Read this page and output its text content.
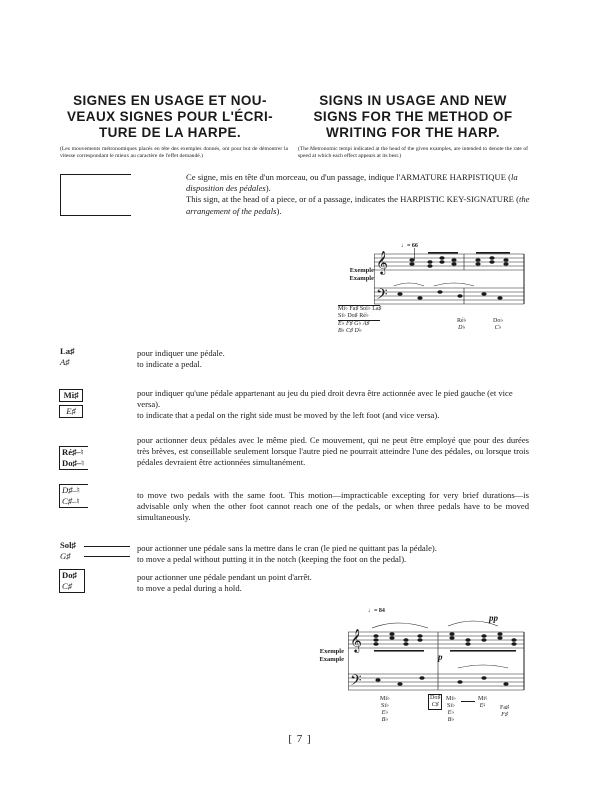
SIGNES EN USAGE ET NOU-
VEAUX SIGNES POUR L'ÉCRI-
TURE DE LA HARPE.
SIGNS IN USAGE AND NEW
SIGNS FOR THE METHOD OF
WRITING FOR THE HARP.
(Les mouvements métronomiques placés en tête des exemples donnés, ont pour but de démontrer la vitesse correspondant le mieux au caractère de l'effet demandé.)
(The Metronomic tempi indicated at the head of the given examples, are intended to denote the rate of speed at which each effect appears at its best.)
Ce signe, mis en tête d'un morceau, ou d'un passage, indique l'ARMATURE HARPISTIQUE (la disposition des pédales).
This sign, at the head of a piece, or of a passage, indicates the HARPISTIC KEY-SIGNATURE (the arrangement of the pedals).
Exemple
Example
♩= 66
𝄞
𝄢
Mi♭ Fa♯ Sol♭ La♯
Si♭ Do♯ Ré♭
E♭ F♯ G♭ A♯
B♭ C♯ D♭
Ré♭
D♭
Do♭
C♭
La♯
A♯
pour indiquer une pédale.
to indicate a pedal.
Mi♯
E♯
pour indiquer qu'une pédale appartenant au jeu du pied droit devra être actionnée avec le pied gauche (et vice versa).
to indicate that a pedal on the right side must be moved by the left foot (and vice versa).
Ré♯–♮
Do♯–♮
D♯–♮
C♯–♮
pour actionner deux pédales avec le même pied. Ce mouvement, qui ne peut être employé que pour des durées très brèves, est conseillable seulement lorsque l'autre pied ne pourrait atteindre l'une des pédales, ou lorsque trois pédales devraient être actionnées simultanément.
to move two pedals with the same foot. This motion—impracticable excepting for very brief durations—is advisable only when the other foot cannot reach one of the pedals, or when three pedals have to be moved simultaneously.
Sol♯
G♯
pour actionner une pédale sans la mettre dans le cran (le pied ne quittant pas la pédale).
to move a pedal without putting it in the notch (keeping the foot on the pedal).
Do♯
C♯
pour actionner une pédale pendant un point d'arrêt.
to move a pedal during a hold.
Exemple
Example
♩= 84
pp
p
𝄞
𝄢
Mi♭
Si♭
E♭
B♭
Do♯
C♯
Mi♭
Si♭
E♭
B♭
Mi♮
E♮ Fa♯
F♯
[ 7 ]
